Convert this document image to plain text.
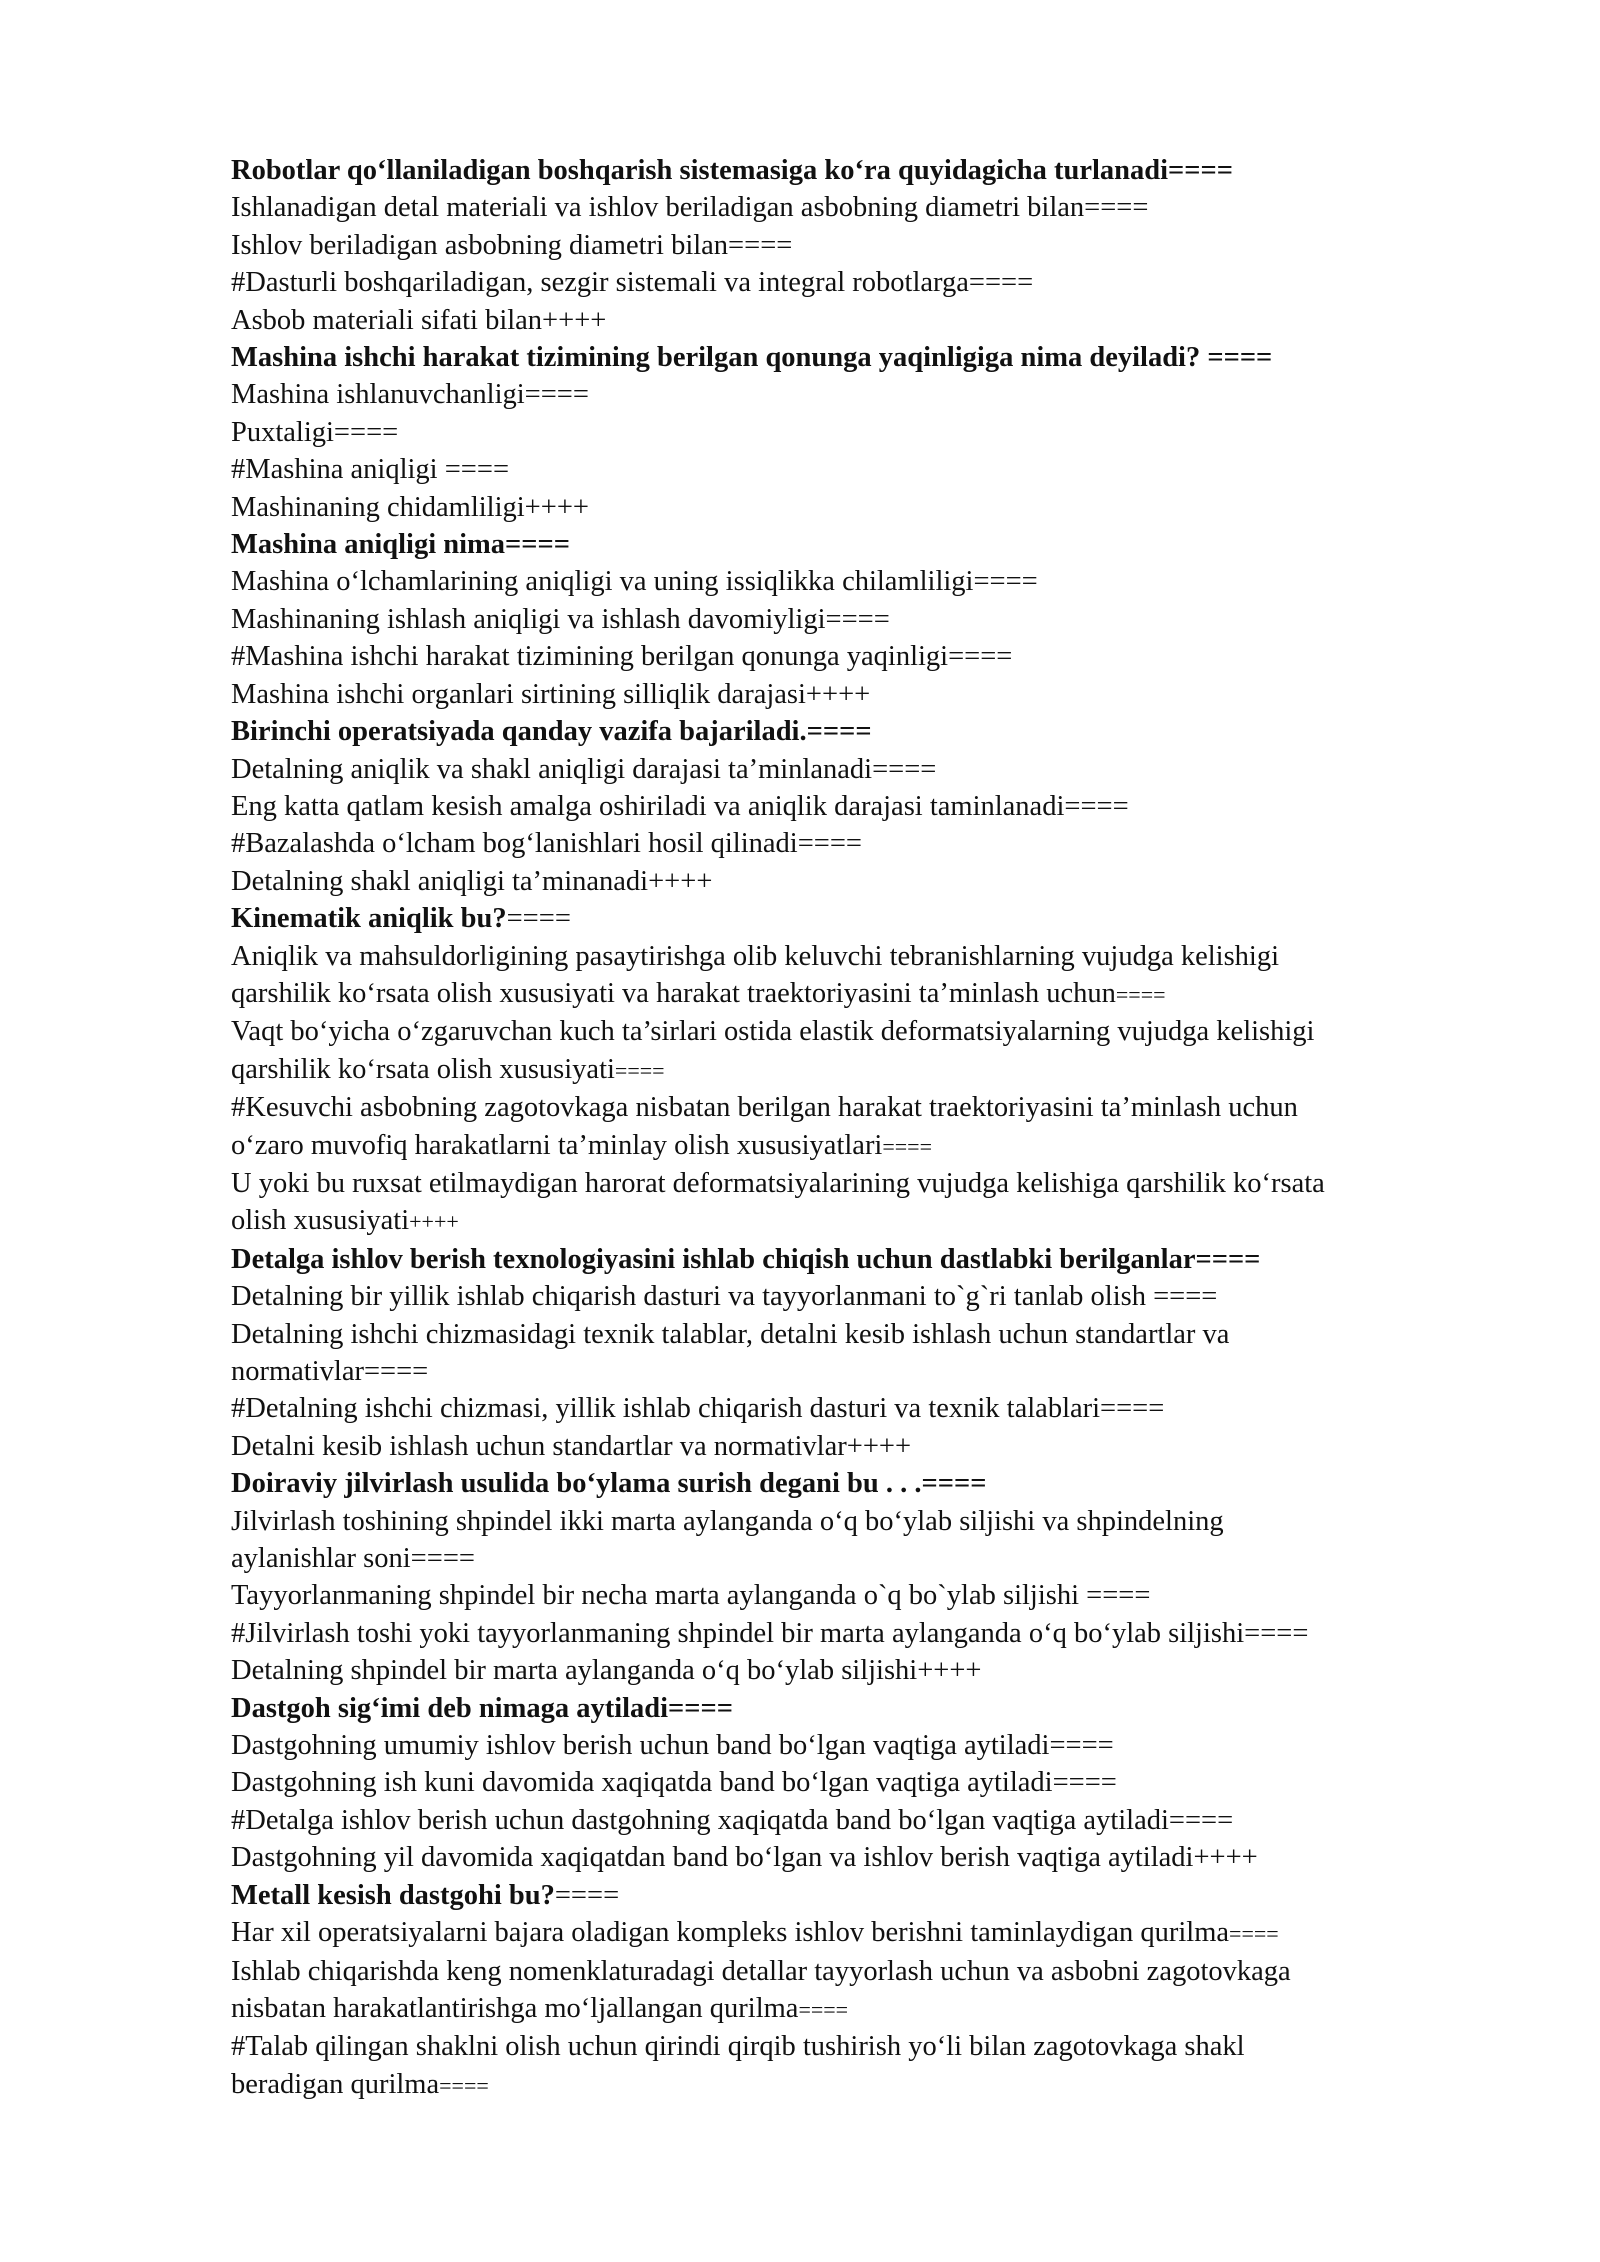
Robotlar qo‘llaniladigan boshqarish sistemasiga ko‘ra quyidagicha turlanadi====
Ishlanadigan detal materiali va ishlov beriladigan asbobning diametri bilan====
Ishlov beriladigan asbobning diametri bilan====
#Dasturli boshqariladigan, sezgir sistemali va integral robotlarga====
Asbob materiali sifati bilan++++
Mashina ishchi harakat tizimining berilgan qonunga yaqinligiga nima deyiladi? ====
Mashina ishlanuvchanligi====
Puxtaligi====
#Mashina aniqligi ====
Mashinaning chidamliligi++++
Mashina aniqligi nima====
Mashina o‘lchamlarining aniqligi va uning issiqlikka chilamliligi====
Mashinaning ishlash aniqligi va ishlash davomiyligi====
#Mashina ishchi harakat tizimining berilgan qonunga yaqinligi====
Mashina ishchi organlari sirtining silliqlik darajasi++++
Birinchi operatsiyada qanday vazifa bajariladi.====
Detalning aniqlik va shakl aniqligi darajasi ta’minlanadi====
Eng katta qatlam kesish amalga oshiriladi va aniqlik darajasi taminlanadi====
#Bazalashda o‘lcham bog‘lanishlari hosil qilinadi====
Detalning shakl aniqligi ta’minanadi++++
Kinematik aniqlik bu?====
Aniqlik va mahsuldorligining pasaytirishga olib keluvchi tebranishlarning vujudga kelishigi
qarshilik ko‘rsata olish xususiyati va harakat traektoriyasini ta’minlash uchun====
Vaqt bo‘yicha o‘zgaruvchan kuch ta’sirlari ostida elastik deformatsiyalarning vujudga kelishigi
qarshilik ko‘rsata olish xususiyati====
#Kesuvchi asbobning zagotovkaga nisbatan berilgan harakat traektoriyasini ta’minlash uchun
o‘zaro muvofiq harakatlarni ta’minlay olish xususiyatlari====
U yoki bu ruxsat etilmaydigan harorat deformatsiyalarining vujudga kelishiga qarshilik ko‘rsata
olish xususiyati++++
Detalga ishlov berish texnologiyasini ishlab chiqish uchun dastlabki berilganlar====
Detalning bir yillik ishlab chiqarish dasturi va tayyorlanmani to`g`ri tanlab olish ====
Detalning ishchi chizmasidagi texnik talablar, detalni kesib ishlash uchun standartlar va
normativlar====
#Detalning ishchi chizmasi, yillik ishlab chiqarish dasturi va texnik talablari====
Detalni kesib ishlash uchun standartlar va normativlar++++
Doiraviy jilvirlash usulida bo‘ylama surish degani bu . . .====
Jilvirlash toshining shpindel ikki marta aylanganda o‘q bo‘ylab siljishi va shpindelning
aylanishlar soni====
Tayyorlanmaning shpindel bir necha marta aylanganda o`q bo`ylab siljishi ====
#Jilvirlash toshi yoki tayyorlanmaning shpindel bir marta aylanganda o‘q bo‘ylab siljishi====
Detalning shpindel bir marta aylanganda o‘q bo‘ylab siljishi++++
Dastgoh sig‘imi deb nimaga aytiladi====
Dastgohning umumiy ishlov berish uchun band bo‘lgan vaqtiga aytiladi====
Dastgohning ish kuni davomida xaqiqatda band bo‘lgan vaqtiga aytiladi====
#Detalga ishlov berish uchun dastgohning xaqiqatda band bo‘lgan vaqtiga aytiladi====
Dastgohning yil davomida xaqiqatdan band bo‘lgan va ishlov berish vaqtiga aytiladi++++
Metall kesish dastgohi bu?====
Har xil operatsiyalarni bajara oladigan kompleks ishlov berishni taminlaydigan qurilma====
Ishlab chiqarishda keng nomenklaturadagi detallar tayyorlash uchun va asbobni zagotovkaga
nisbatan harakatlantirishga mo‘ljallangan qurilma====
#Talab qilingan shaklni olish uchun qirindi qirqib tushirish yo‘li bilan zagotovkaga shakl
beradigan qurilma====
